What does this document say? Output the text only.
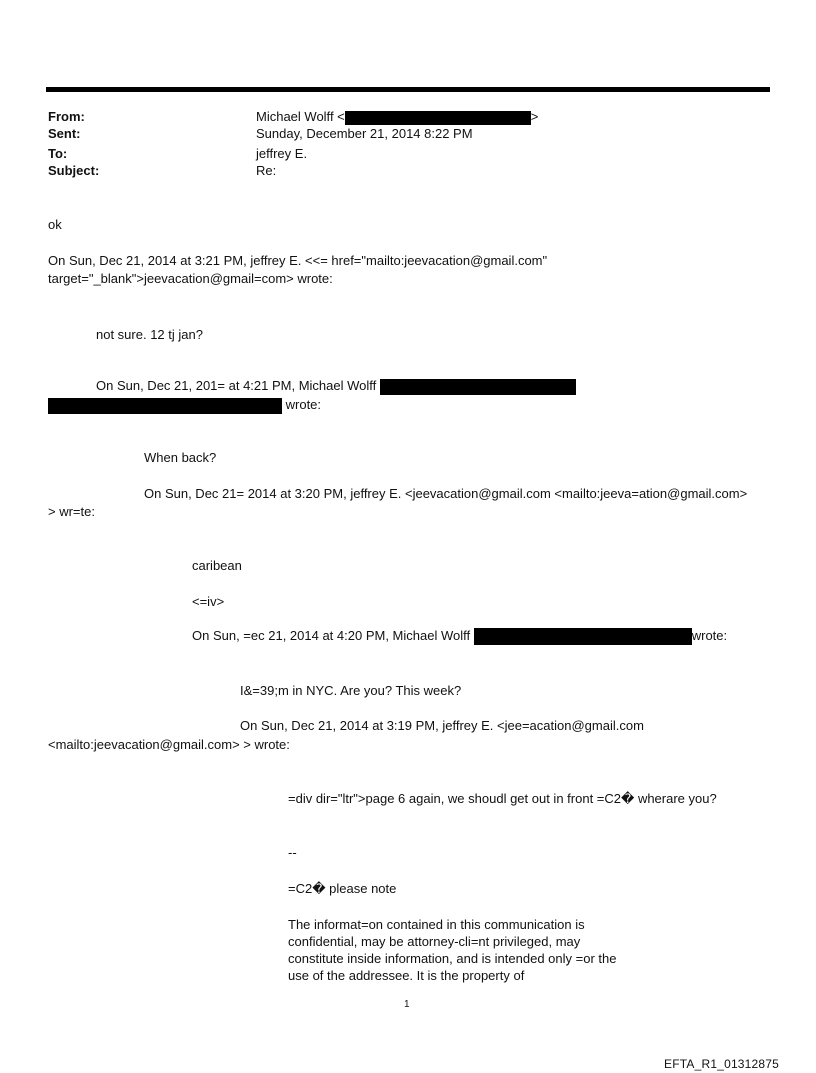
From:
Sent:
To:
Subject:
Michael Wolff <	>
Sunday, December 21, 2014 8:22 PM
jeffrey E.
Re:
ok
On Sun, Dec 21, 2014 at 3:21 PM, jeffrey E. <<= href="mailto:jeevacation@gmail.com"
target="_blank">jeevacation@gmail=com> wrote:
not sure. 12 tj jan?
On Sun, Dec 21, 201= at 4:21 PM, Michael Wolff
wrote:
When back?
On Sun, Dec 21= 2014 at 3:20 PM, jeffrey E. <jeevacation@gmail.com <mailto:jeeva=ation@gmail.com>
> wr=te:
caribean
<=iv>
On Sun, =ec 21, 2014 at 4:20 PM, Michael Wolff	wrote:
I&=39;m in NYC. Are you? This week?
On Sun, Dec 21, 2014 at 3:19 PM, jeffrey E. <jee=acation@gmail.com
<mailto:jeevacation@gmail.com> > wrote:
=div dir="ltr">page 6 again, we shoudl get out in front =C2� wherare you?
--
=C2� please note
The informat=on contained in this communication is confidential, may be attorney-cli=nt privileged, may constitute inside information, and is intended only =or the use of the addressee. It is the property of
1
EFTA_R1_01312875
